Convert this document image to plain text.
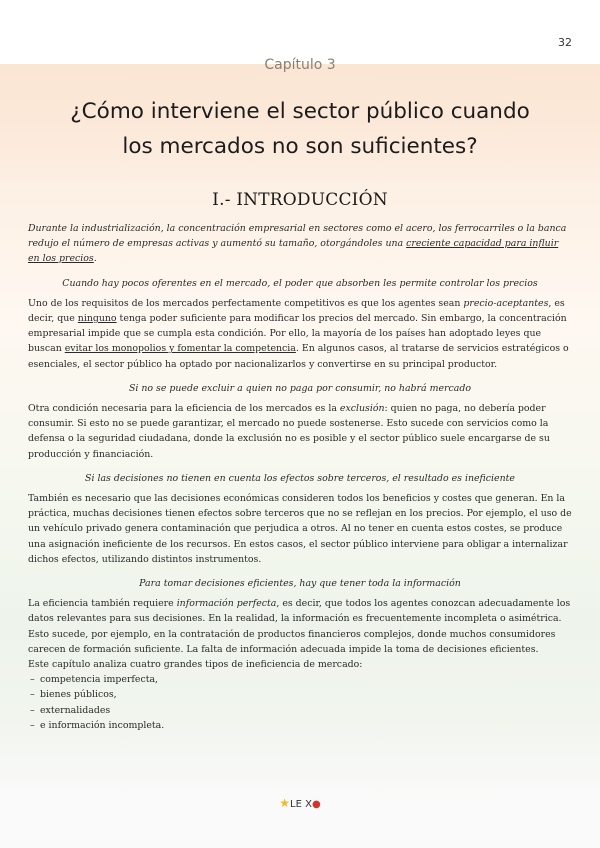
32
Capítulo 3
¿Cómo interviene el sector público cuando
los mercados no son suficientes?
I.- INTRODUCCIÓN

Durante la industrialización, la concentración empresarial en sectores como el acero, los ferrocarriles o la banca redujo el número de empresas activas y aumentó su tamaño, otorgándoles una creciente capacidad para influir en los precios.

Cuando hay pocos oferentes en el mercado, el poder que absorben les permite controlar los precios

Uno de los requisitos de los mercados perfectamente competitivos es que los agentes sean precio-aceptantes, es decir, que ninguno tenga poder suficiente para modificar los precios del mercado. Sin embargo, la concentración empresarial impide que se cumpla esta condición. Por ello, la mayoría de los países han adoptado leyes que buscan evitar los monopolios y fomentar la competencia. En algunos casos, al tratarse de servicios estratégicos o esenciales, el sector público ha optado por nacionalizarlos y convertirse en su principal productor.

Si no se puede excluir a quien no paga por consumir, no habrá mercado

Otra condición necesaria para la eficiencia de los mercados es la exclusión: quien no paga, no debería poder consumir. Si esto no se puede garantizar, el mercado no puede sostenerse. Esto sucede con servicios como la defensa o la seguridad ciudadana, donde la exclusión no es posible y el sector público suele encargarse de su producción y financiación.

Si las decisiones no tienen en cuenta los efectos sobre terceros, el resultado es ineficiente

También es necesario que las decisiones económicas consideren todos los beneficios y costes que generan. En la práctica, muchas decisiones tienen efectos sobre terceros que no se reflejan en los precios. Por ejemplo, el uso de un vehículo privado genera contaminación que perjudica a otros. Al no tener en cuenta estos costes, se produce una asignación ineficiente de los recursos. En estos casos, el sector público interviene para obligar a internalizar dichos efectos, utilizando distintos instrumentos.

Para tomar decisiones eficientes, hay que tener toda la información

La eficiencia también requiere información perfecta, es decir, que todos los agentes conozcan adecuadamente los datos relevantes para sus decisiones. En la realidad, la información es frecuentemente incompleta o asimétrica. Esto sucede, por ejemplo, en la contratación de productos financieros complejos, donde muchos consumidores carecen de formación suficiente. La falta de información adecuada impide la toma de decisiones eficientes.

Este capítulo analiza cuatro grandes tipos de ineficiencia de mercado:

– competencia imperfecta,
– bienes públicos,
– externalidades
– e información incompleta.
★LE X●
